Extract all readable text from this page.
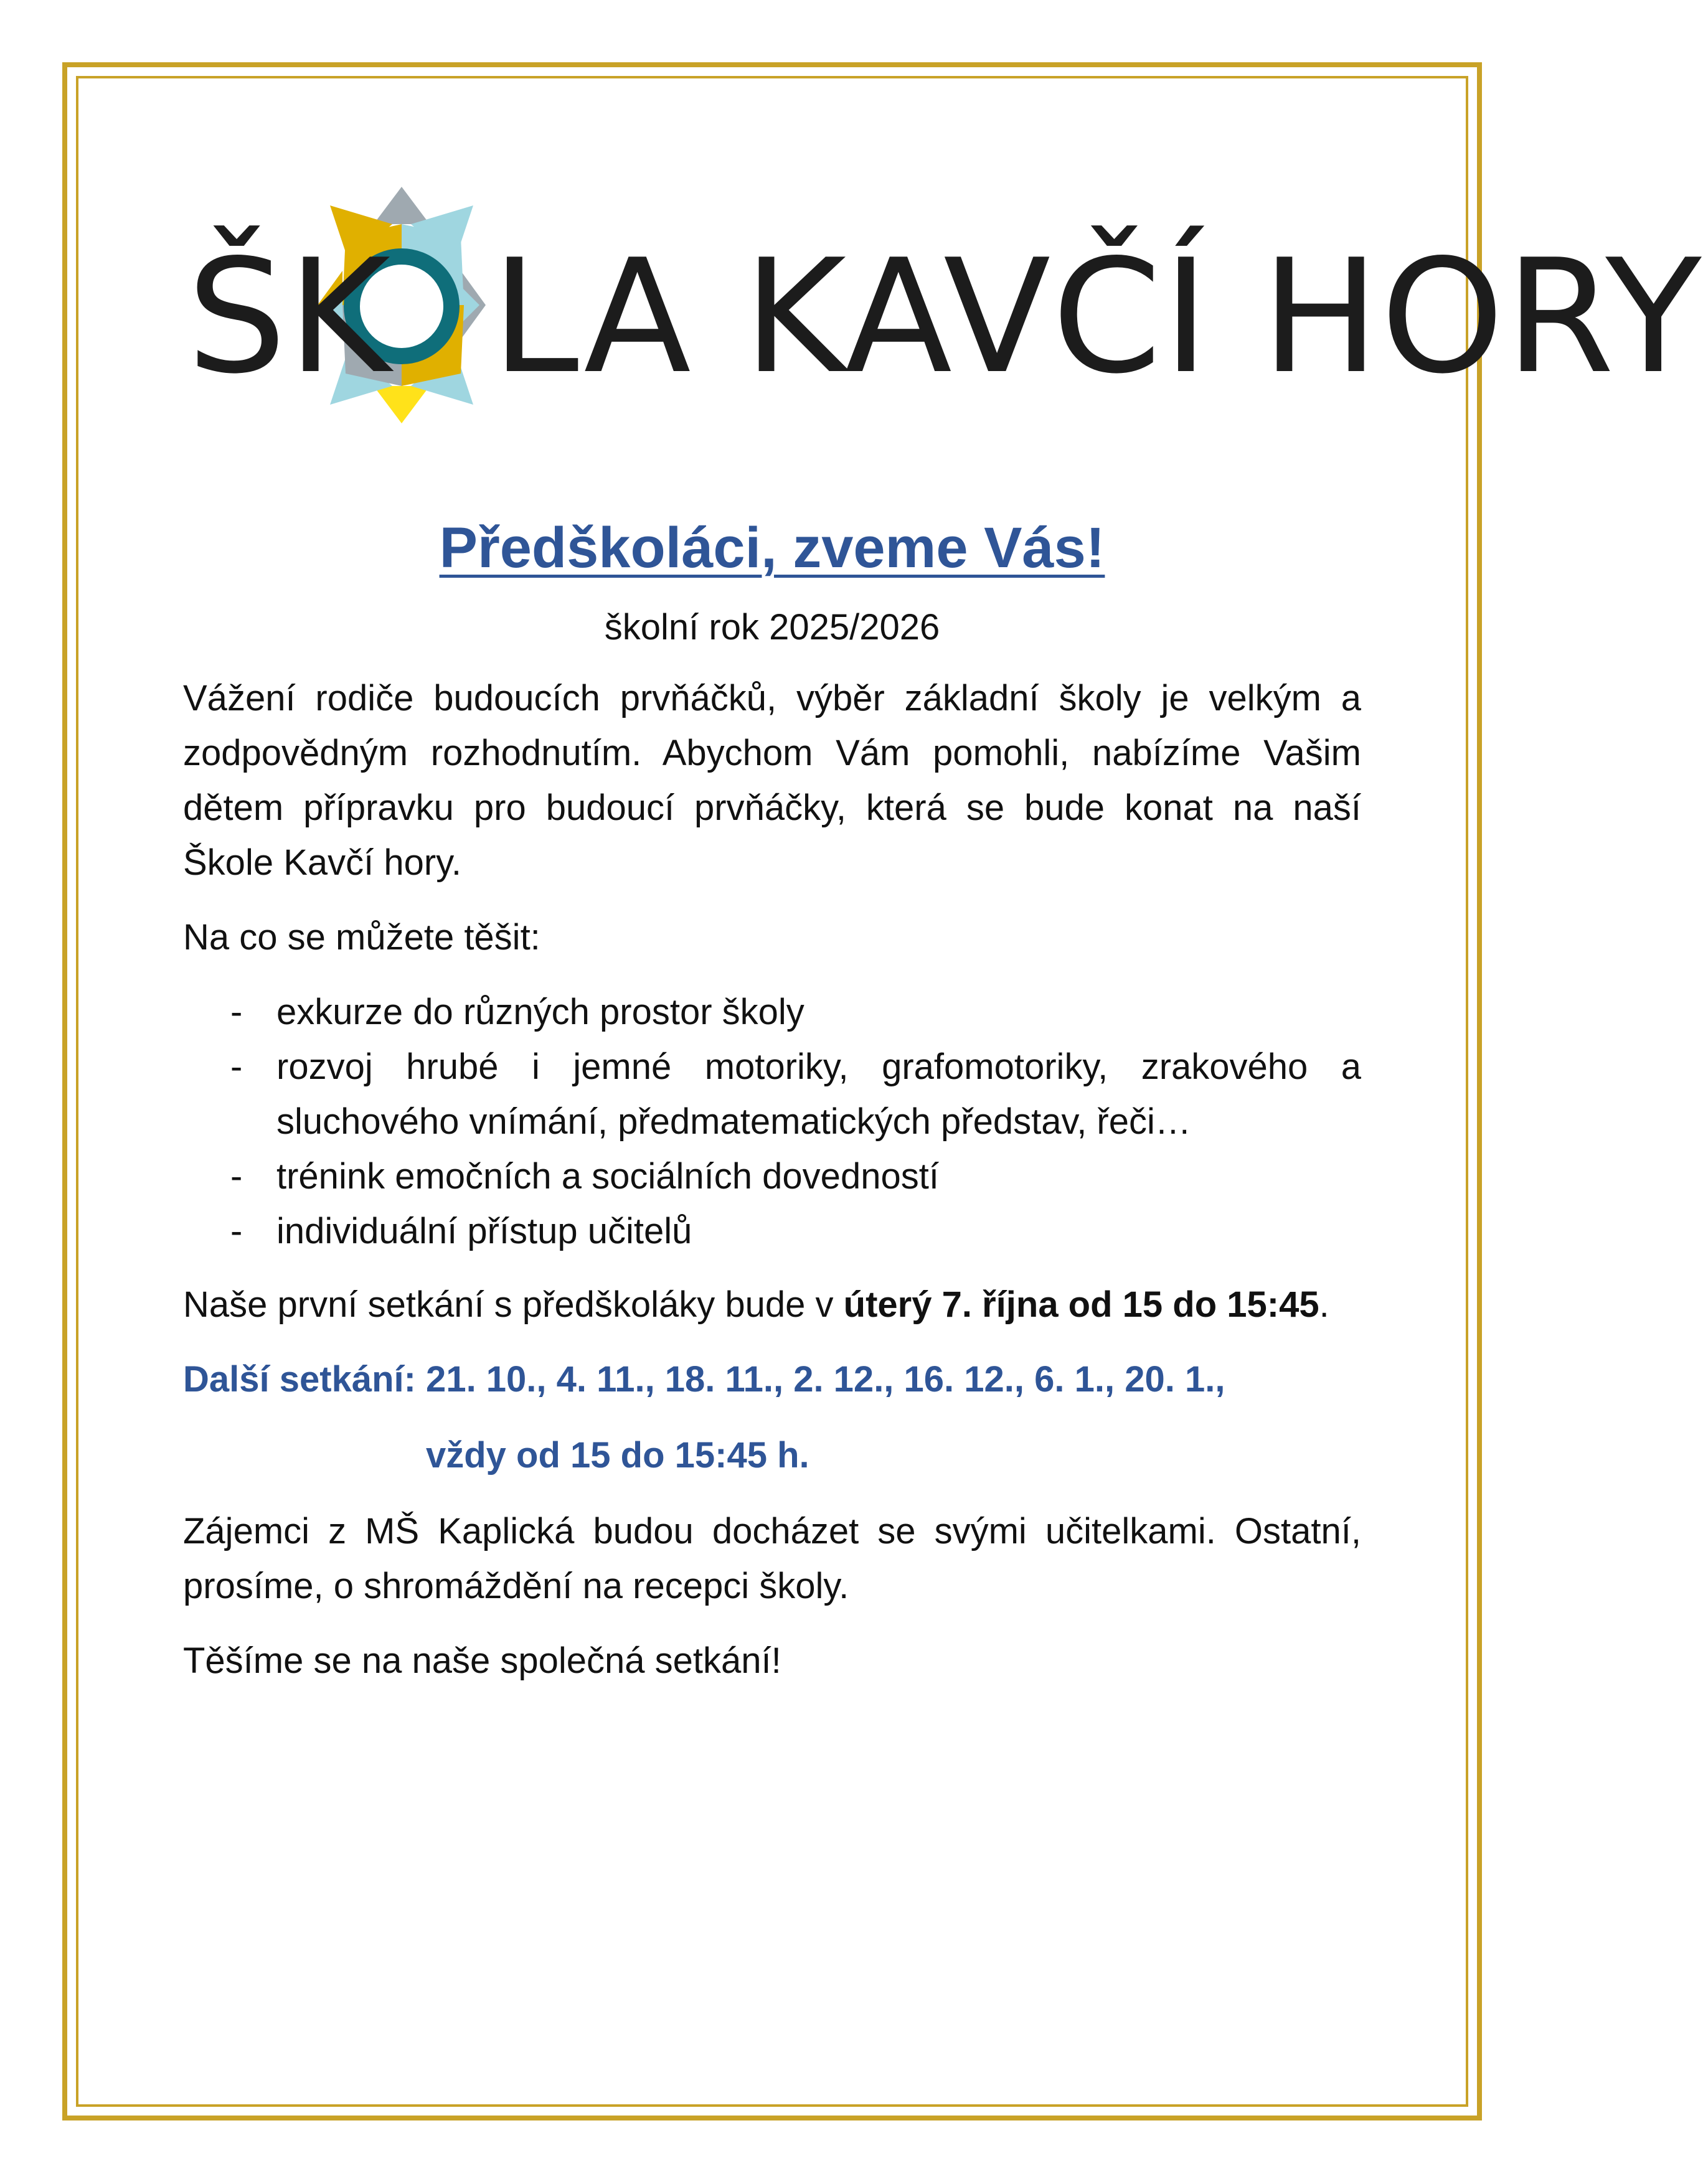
ŠK LA KAVČÍ HORY
Předškoláci, zveme Vás!
školní rok 2025/2026
Vážení rodiče budoucích prvňáčků, výběr základní školy je velkým a zodpovědným rozhodnutím. Abychom Vám pomohli, nabízíme Vašim dětem přípravku pro budoucí prvňáčky, která se bude konat na naší Škole Kavčí hory.
Na co se můžete těšit:
- exkurze do různých prostor školy
- rozvoj hrubé i jemné motoriky, grafomotoriky, zrakového a sluchového vnímání, předmatematických představ, řeči…
- trénink emočních a sociálních dovedností
- individuální přístup učitelů
Naše první setkání s předškoláky bude v úterý 7. října od 15 do 15:45.
Další setkání: 21. 10., 4. 11., 18. 11., 2. 12., 16. 12., 6. 1., 20. 1.,
vždy od 15 do 15:45 h.
Zájemci z MŠ Kaplická budou docházet se svými učitelkami. Ostatní, prosíme, o shromáždění na recepci školy.
Těšíme se na naše společná setkání!
